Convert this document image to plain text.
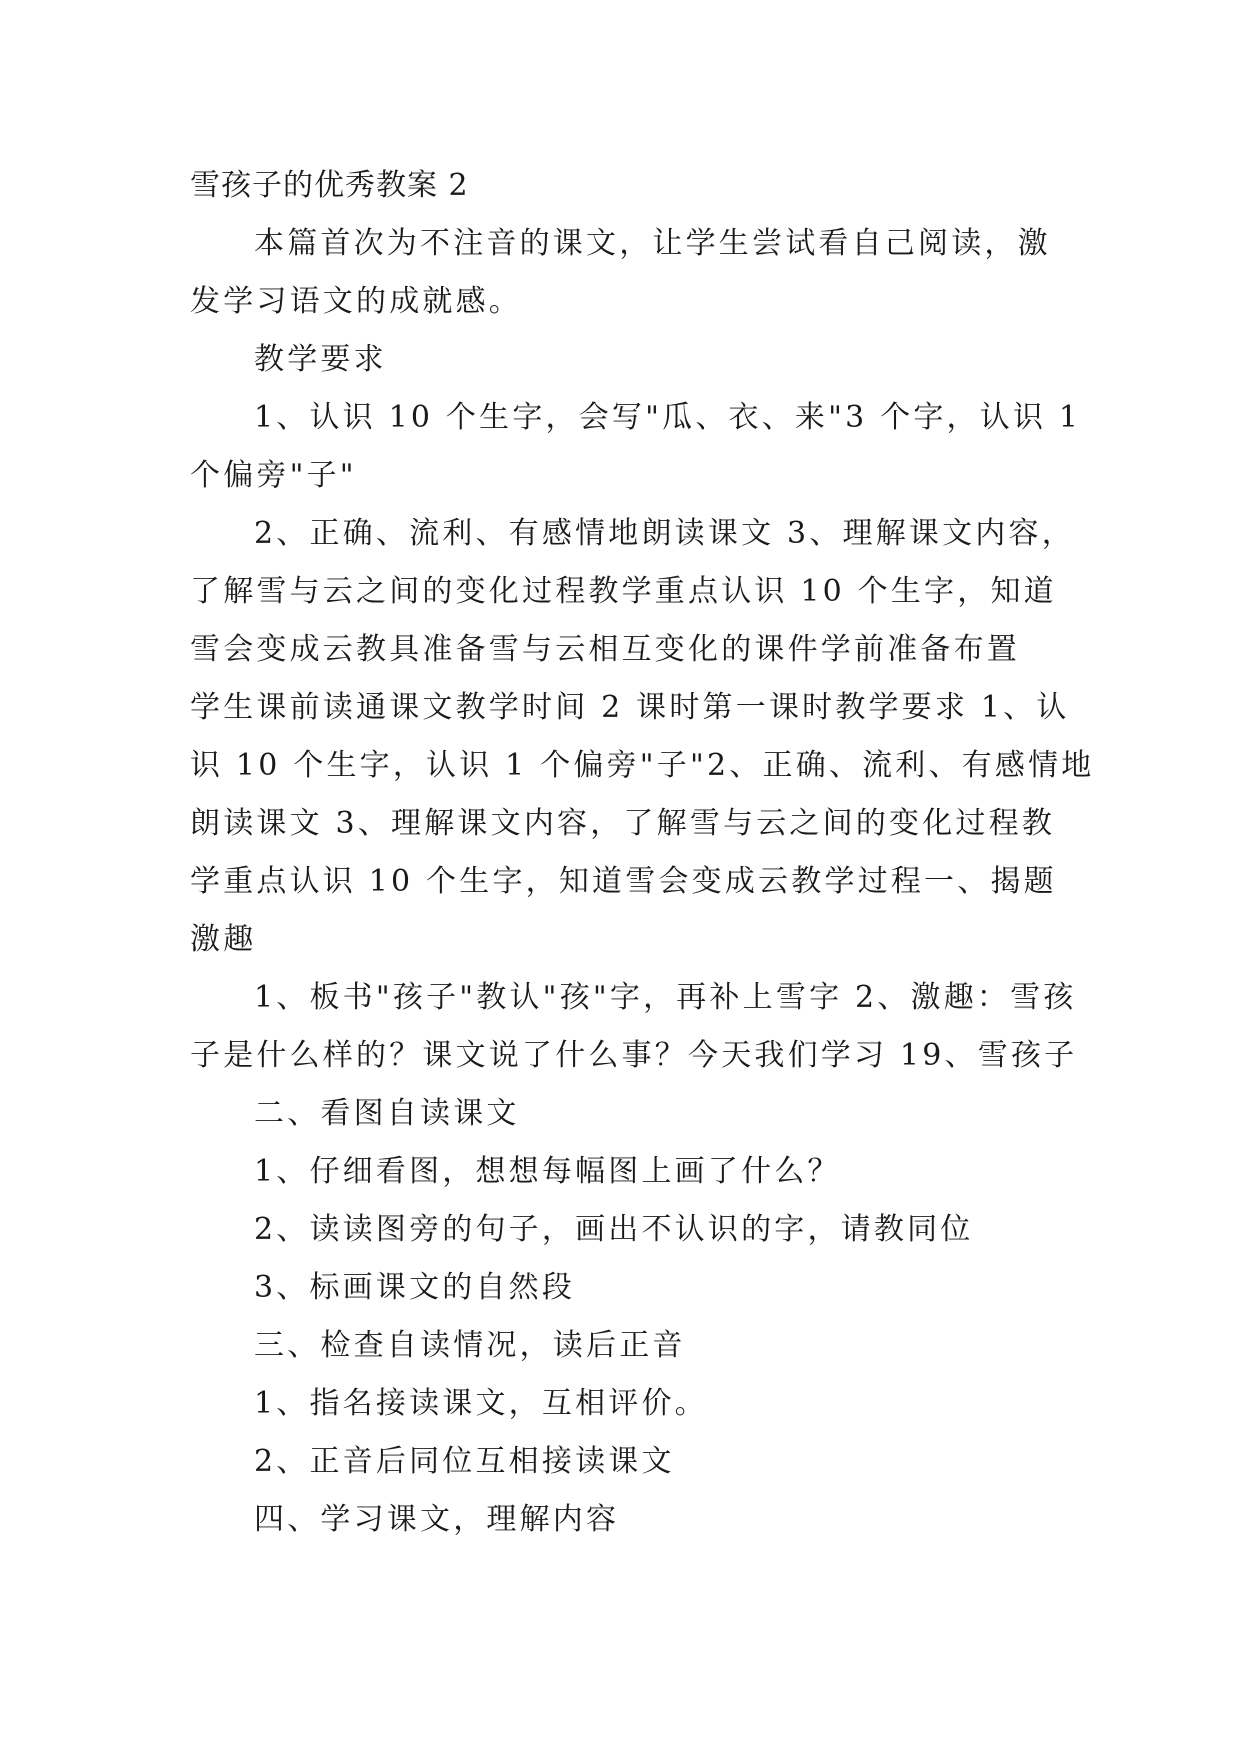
雪孩子的优秀教案 2
本篇首次为不注音的课文，让学生尝试看自己阅读，激
发学习语文的成就感。
教学要求
1、认识 10 个生字，会写"瓜、衣、来"3 个字，认识 1
个偏旁"子"
2、正确、流利、有感情地朗读课文 3、理解课文内容，
了解雪与云之间的变化过程教学重点认识 10 个生字，知道
雪会变成云教具准备雪与云相互变化的课件学前准备布置
学生课前读通课文教学时间 2 课时第一课时教学要求 1、认
识 10 个生字，认识 1 个偏旁"子"2、正确、流利、有感情地
朗读课文 3、理解课文内容，了解雪与云之间的变化过程教
学重点认识 10 个生字，知道雪会变成云教学过程一、揭题
激趣
1、板书"孩子"教认"孩"字，再补上雪字 2、激趣：雪孩
子是什么样的？课文说了什么事？今天我们学习 19、雪孩子
二、看图自读课文
1、仔细看图，想想每幅图上画了什么？
2、读读图旁的句子，画出不认识的字，请教同位
3、标画课文的自然段
三、检查自读情况，读后正音
1、指名接读课文，互相评价。
2、正音后同位互相接读课文
四、学习课文，理解内容
